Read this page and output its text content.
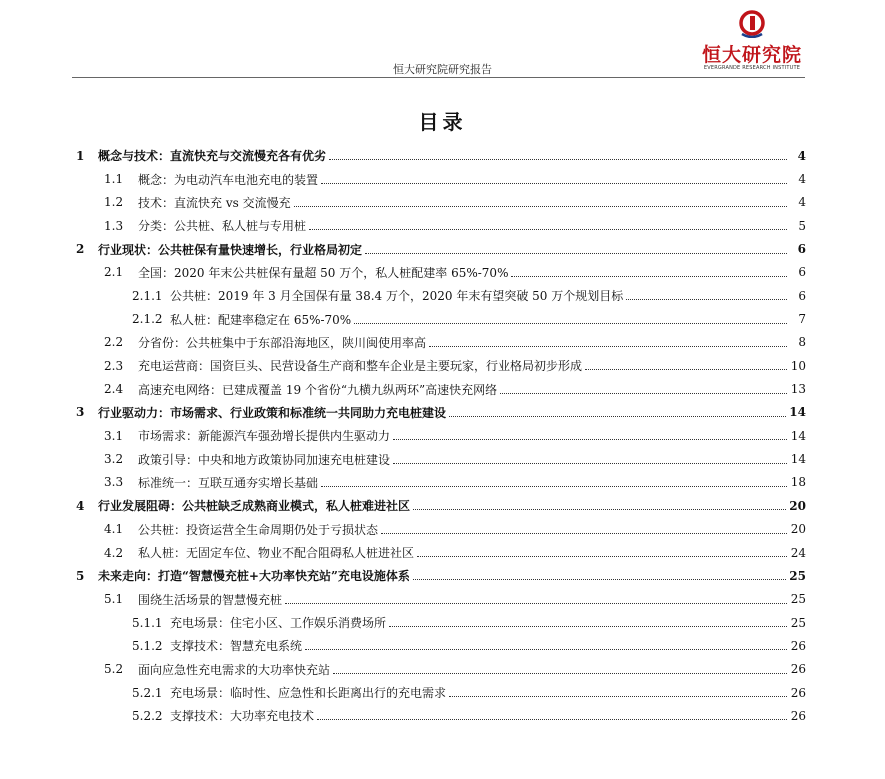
恒大研究院
EVERGRANDE RESEARCH INSTITUTE
恒大研究院研究报告
目录
1	概念与技术：直流快充与交流慢充各有优劣	4
1.1	概念：为电动汽车电池充电的装置	4
1.2	技术：直流快充 vs 交流慢充	4
1.3	分类：公共桩、私人桩与专用桩	5
2	行业现状：公共桩保有量快速增长，行业格局初定	6
2.1	全国：2020 年末公共桩保有量超 50 万个，私人桩配建率 65%-70%	6
2.1.1 公共桩：2019 年 3 月全国保有量 38.4 万个，2020 年末有望突破 50 万个规划目标	6
2.1.2 私人桩：配建率稳定在 65%-70%	7
2.2	分省份：公共桩集中于东部沿海地区，陕川闽使用率高	8
2.3	充电运营商：国资巨头、民营设备生产商和整车企业是主要玩家，行业格局初步形成	10
2.4	高速充电网络：已建成覆盖 19 个省份“九横九纵两环”高速快充网络	13
3	行业驱动力：市场需求、行业政策和标准统一共同助力充电桩建设	14
3.1	市场需求：新能源汽车强劲增长提供内生驱动力	14
3.2	政策引导：中央和地方政策协同加速充电桩建设	14
3.3	标准统一：互联互通夯实增长基础	18
4	行业发展阻碍：公共桩缺乏成熟商业模式，私人桩难进社区	20
4.1	公共桩：投资运营全生命周期仍处于亏损状态	20
4.2	私人桩：无固定车位、物业不配合阻碍私人桩进社区	24
5	未来走向：打造“智慧慢充桩+大功率快充站”充电设施体系	25
5.1	围绕生活场景的智慧慢充桩	25
5.1.1 充电场景：住宅小区、工作娱乐消费场所	25
5.1.2 支撑技术：智慧充电系统	26
5.2	面向应急性充电需求的大功率快充站	26
5.2.1 充电场景：临时性、应急性和长距离出行的充电需求	26
5.2.2 支撑技术：大功率充电技术	26
